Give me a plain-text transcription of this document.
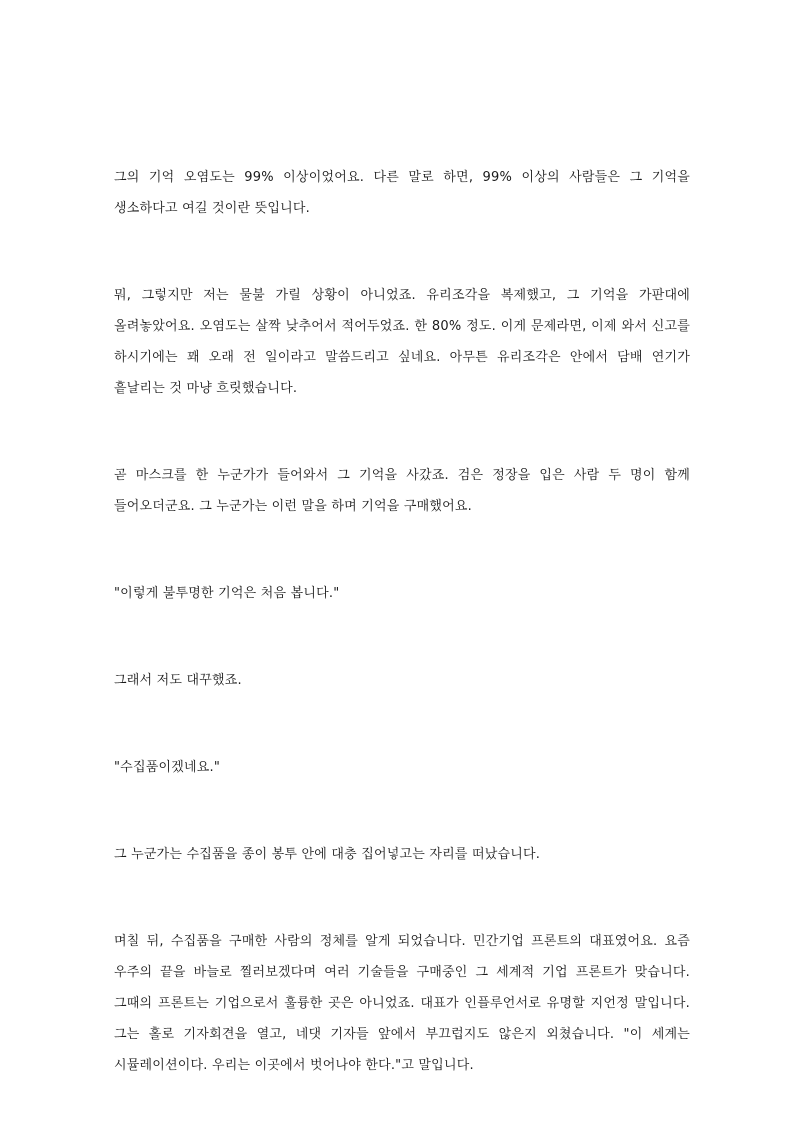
그의 기억 오염도는 99% 이상이었어요. 다른 말로 하면, 99% 이상의 사람들은 그 기억을 생소하다고 여길 것이란 뜻입니다.

뭐, 그렇지만 저는 물불 가릴 상황이 아니었죠. 유리조각을 복제했고, 그 기억을 가판대에 올려놓았어요. 오염도는 살짝 낮추어서 적어두었죠. 한 80% 정도. 이게 문제라면, 이제 와서 신고를 하시기에는 꽤 오래 전 일이라고 말씀드리고 싶네요. 아무튼 유리조각은 안에서 담배 연기가 흩날리는 것 마냥 흐릿했습니다.

곧 마스크를 한 누군가가 들어와서 그 기억을 사갔죠. 검은 정장을 입은 사람 두 명이 함께 들어오더군요. 그 누군가는 이런 말을 하며 기억을 구매했어요.

"이렇게 불투명한 기억은 처음 봅니다."

그래서 저도 대꾸했죠.

"수집품이겠네요."

그 누군가는 수집품을 종이 봉투 안에 대충 집어넣고는 자리를 떠났습니다.

며칠 뒤, 수집품을 구매한 사람의 정체를 알게 되었습니다. 민간기업 프론트의 대표였어요. 요즘 우주의 끝을 바늘로 찔러보겠다며 여러 기술들을 구매중인 그 세계적 기업 프론트가 맞습니다. 그때의 프론트는 기업으로서 훌륭한 곳은 아니었죠. 대표가 인플루언서로 유명할 지언정 말입니다. 그는 홀로 기자회견을 열고, 네댓 기자들 앞에서 부끄럽지도 않은지 외쳤습니다. "이 세계는 시뮬레이션이다. 우리는 이곳에서 벗어나야 한다."고 말입니다.
